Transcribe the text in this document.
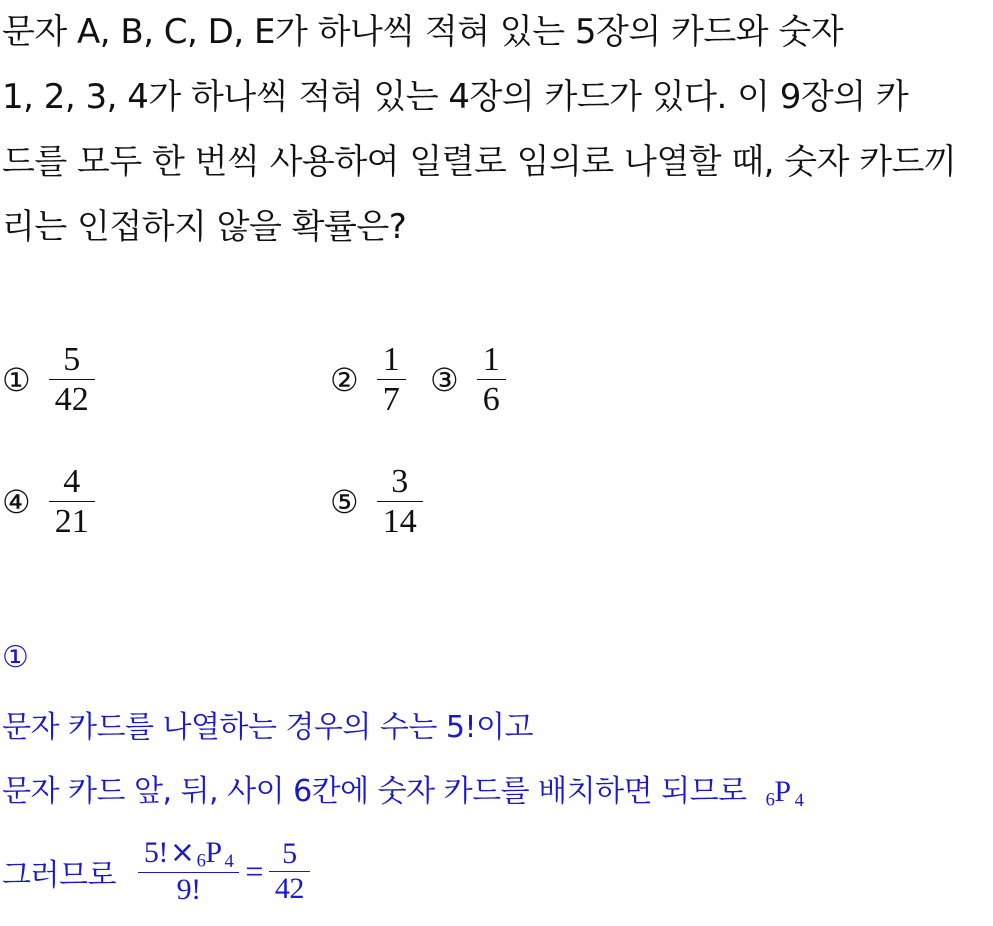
문자 A, B, C, D, E가 하나씩 적혀 있는 5장의 카드와 숫자
1, 2, 3, 4가 하나씩 적혀 있는 4장의 카드가 있다. 이 9장의 카
드를 모두 한 번씩 사용하여 일렬로 임의로 나열할 때, 숫자 카드끼
리는 인접하지 않을 확률은?
① $\frac{5}{42}$	② $\frac{1}{7}$ ③ $\frac{1}{6}$
④ $\frac{4}{21}$	⑤ $\frac{3}{14}$
①
문자 카드를 나열하는 경우의 수는 5!이고
문자 카드 앞, 뒤, 사이 6칸에 숫자 카드를 배치하면 되므로 $_6$P $_4$
그러므로 $\frac{5!\times _6P _4}{9!} = \frac{5}{42}$
